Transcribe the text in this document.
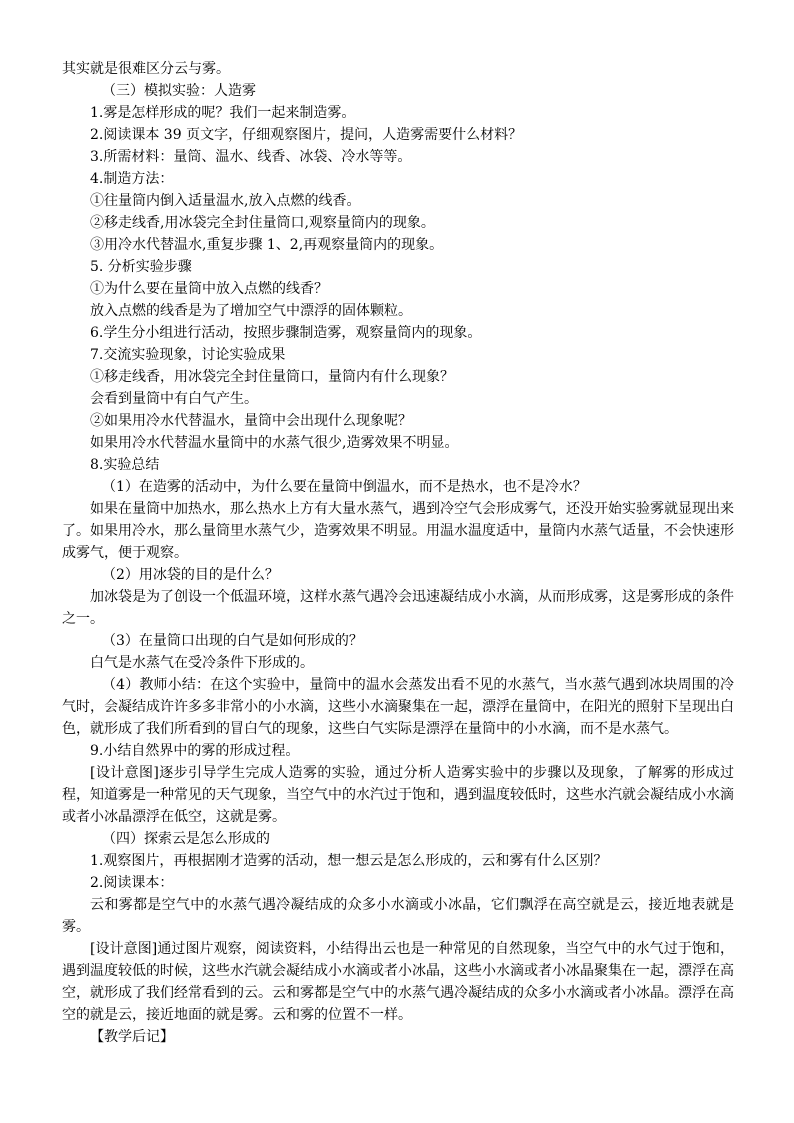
其实就是很难区分云与雾。

（三）模拟实验：人造雾

1.雾是怎样形成的呢？我们一起来制造雾。

2.阅读课本 39 页文字，仔细观察图片，提问，人造雾需要什么材料？

3.所需材料：量筒、温水、线香、冰袋、冷水等等。

4.制造方法：

①往量筒内倒入适量温水,放入点燃的线香。

②移走线香,用冰袋完全封住量筒口,观察量筒内的现象。

③用冷水代替温水,重复步骤 1、2,再观察量筒内的现象。

5. 分析实验步骤

①为什么要在量筒中放入点燃的线香？

放入点燃的线香是为了增加空气中漂浮的固体颗粒。

6.学生分小组进行活动，按照步骤制造雾，观察量筒内的现象。

7.交流实验现象，讨论实验成果

①移走线香，用冰袋完全封住量筒口，量筒内有什么现象？

会看到量筒中有白气产生。

②如果用冷水代替温水，量筒中会出现什么现象呢？

如果用冷水代替温水量筒中的水蒸气很少,造雾效果不明显。

8.实验总结

（1）在造雾的活动中，为什么要在量筒中倒温水，而不是热水，也不是冷水？

如果在量筒中加热水，那么热水上方有大量水蒸气，遇到冷空气会形成雾气，还没开始实验雾就显现出来了。如果用冷水，那么量筒里水蒸气少，造雾效果不明显。用温水温度适中，量筒内水蒸气适量，不会快速形成雾气，便于观察。

（2）用冰袋的目的是什么？

加冰袋是为了创设一个低温环境，这样水蒸气遇冷会迅速凝结成小水滴，从而形成雾，这是雾形成的条件之一。

（3）在量筒口出现的白气是如何形成的？

白气是水蒸气在受冷条件下形成的。

（4）教师小结：在这个实验中，量筒中的温水会蒸发出看不见的水蒸气，当水蒸气遇到冰块周围的冷气时，会凝结成许许多多非常小的小水滴，这些小水滴聚集在一起，漂浮在量筒中，在阳光的照射下呈现出白色，就形成了我们所看到的冒白气的现象，这些白气实际是漂浮在量筒中的小水滴，而不是水蒸气。

9.小结自然界中的雾的形成过程。

[设计意图]逐步引导学生完成人造雾的实验，通过分析人造雾实验中的步骤以及现象，了解雾的形成过程，知道雾是一种常见的天气现象，当空气中的水汽过于饱和，遇到温度较低时，这些水汽就会凝结成小水滴或者小冰晶漂浮在低空，这就是雾。

（四）探索云是怎么形成的

1.观察图片，再根据刚才造雾的活动，想一想云是怎么形成的，云和雾有什么区别？

2.阅读课本：

云和雾都是空气中的水蒸气遇冷凝结成的众多小水滴或小冰晶，它们飘浮在高空就是云，接近地表就是雾。

[设计意图]通过图片观察，阅读资料，小结得出云也是一种常见的自然现象，当空气中的水气过于饱和，遇到温度较低的时候，这些水汽就会凝结成小水滴或者小冰晶，这些小水滴或者小冰晶聚集在一起，漂浮在高空，就形成了我们经常看到的云。云和雾都是空气中的水蒸气遇冷凝结成的众多小水滴或者小冰晶。漂浮在高空的就是云，接近地面的就是雾。云和雾的位置不一样。

【教学后记】
